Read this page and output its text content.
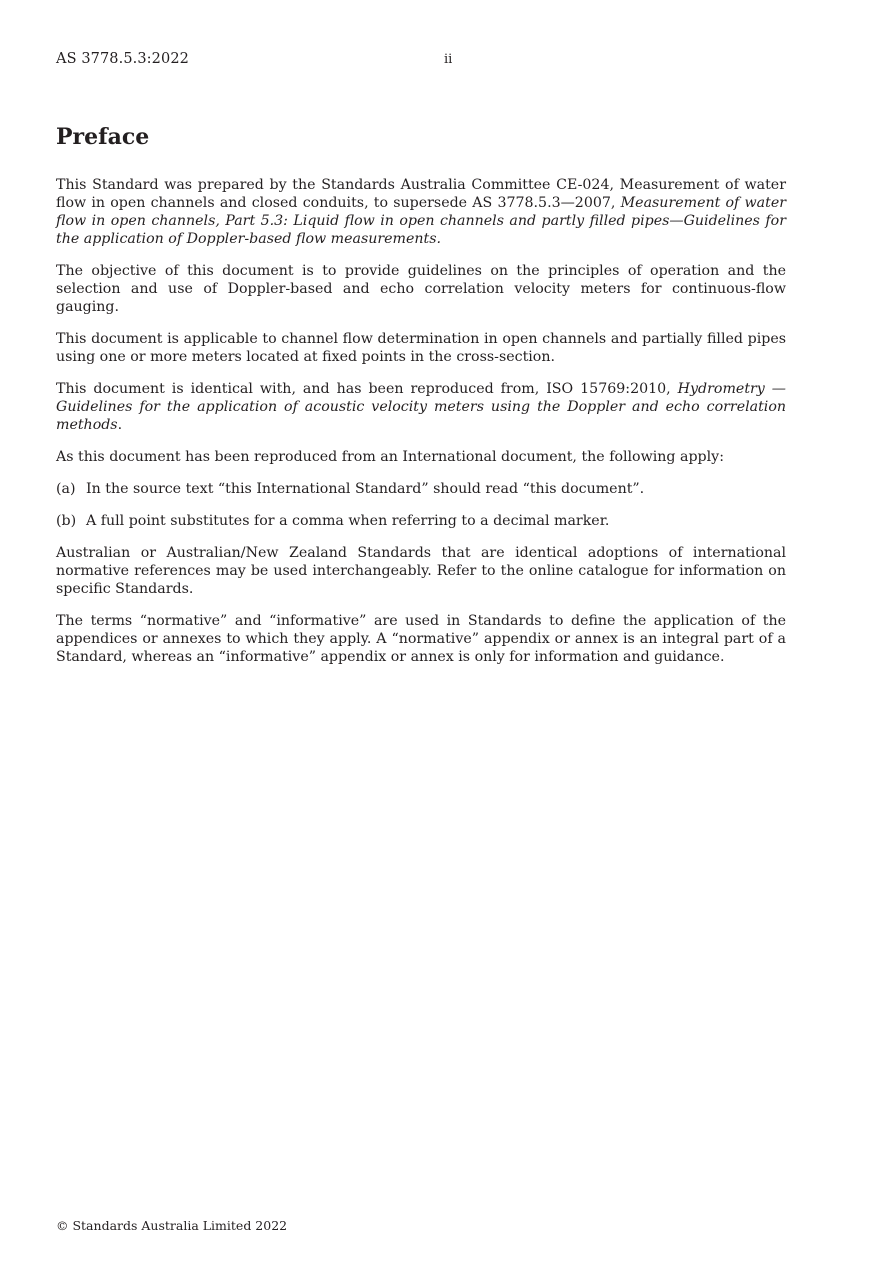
AS 3778.5.3:2022	ii
Preface

This Standard was prepared by the Standards Australia Committee CE-024, Measurement of water flow in open channels and closed conduits, to supersede AS 3778.5.3—2007, Measurement of water flow in open channels, Part 5.3: Liquid flow in open channels and partly filled pipes—Guidelines for the application of Doppler-based flow measurements.

The objective of this document is to provide guidelines on the principles of operation and the selection and use of Doppler-based and echo correlation velocity meters for continuous-flow gauging.

This document is applicable to channel flow determination in open channels and partially filled pipes using one or more meters located at fixed points in the cross-section.

This document is identical with, and has been reproduced from, ISO 15769:2010, Hydrometry — Guidelines for the application of acoustic velocity meters using the Doppler and echo correlation methods.

As this document has been reproduced from an International document, the following apply:

(a) In the source text “this International Standard” should read “this document”.
(b) A full point substitutes for a comma when referring to a decimal marker.

Australian or Australian/New Zealand Standards that are identical adoptions of international normative references may be used interchangeably. Refer to the online catalogue for information on specific Standards.

The terms “normative” and “informative” are used in Standards to define the application of the appendices or annexes to which they apply. A “normative” appendix or annex is an integral part of a Standard, whereas an “informative” appendix or annex is only for information and guidance.

© Standards Australia Limited 2022
